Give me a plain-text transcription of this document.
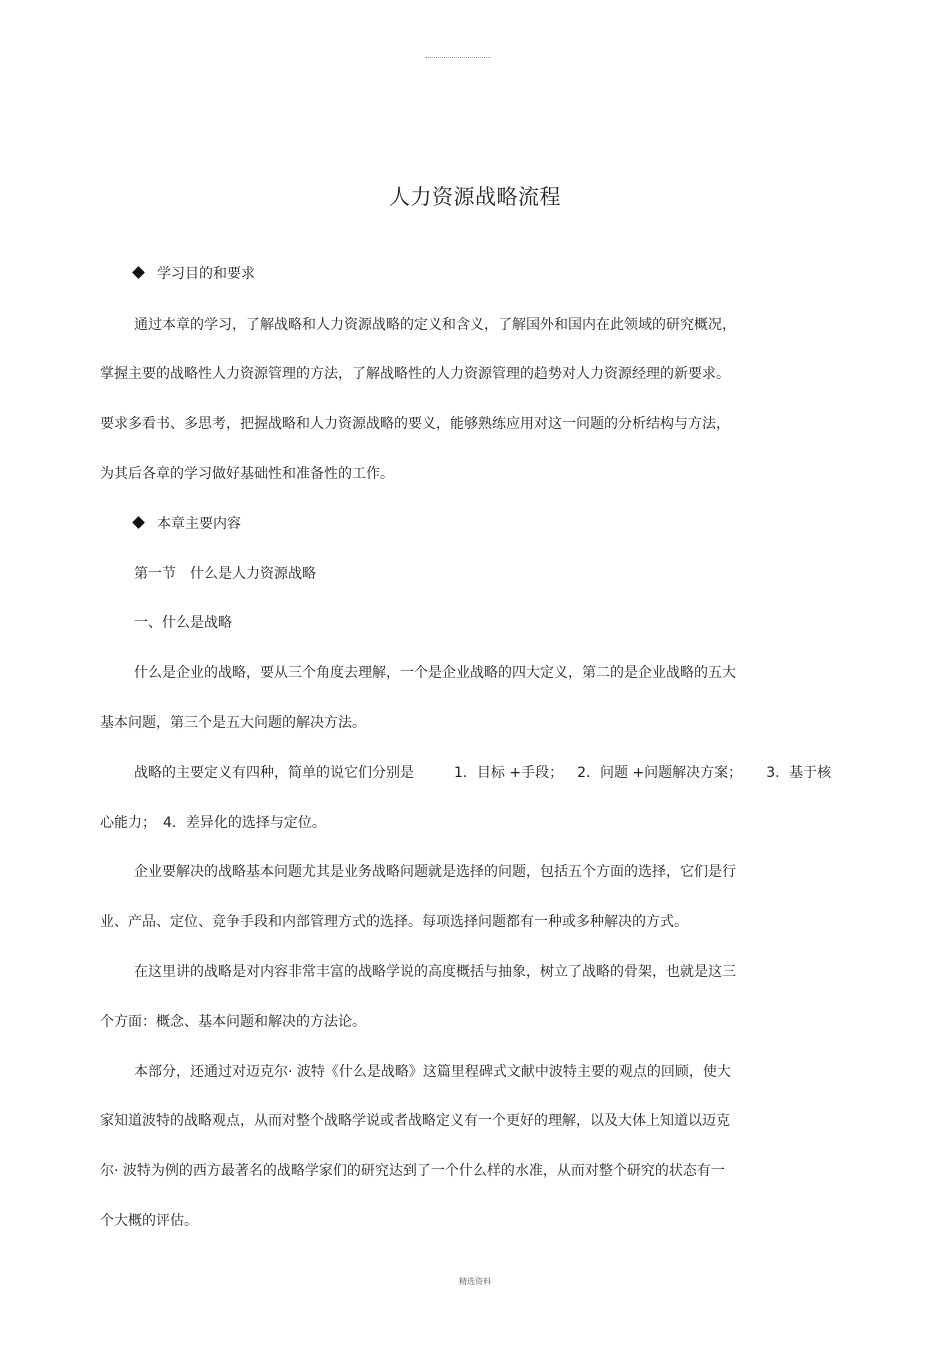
人力资源战略流程
学习目的和要求
通过本章的学习，了解战略和人力资源战略的定义和含义，了解国外和国内在此领域的研究概况，
掌握主要的战略性人力资源管理的方法，了解战略性的人力资源管理的趋势对人力资源经理的新要求。
要求多看书、多思考，把握战略和人力资源战略的要义，能够熟练应用对这一问题的分析结构与方法，
为其后各章的学习做好基础性和准备性的工作。
本章主要内容
第一节 什么是人力资源战略
一、什么是战略
什么是企业的战略，要从三个角度去理解，一个是企业战略的四大定义，第二的是企业战略的五大
基本问题，第三个是五大问题的解决方法。
战略的主要定义有四种，简单的说它们分别是	1．目标 +手段； 2．问题 +问题解决方案； 3．基于核
心能力；　4．差异化的选择与定位。
企业要解决的战略基本问题尤其是业务战略问题就是选择的问题，包括五个方面的选择，它们是行
业、产品、定位、竞争手段和内部管理方式的选择。每项选择问题都有一种或多种解决的方式。
在这里讲的战略是对内容非常丰富的战略学说的高度概括与抽象，树立了战略的骨架，也就是这三
个方面：概念、基本问题和解决的方法论。
本部分，还通过对迈克尔· 波特《什么是战略》这篇里程碑式文献中波特主要的观点的回顾，使大
家知道波特的战略观点，从而对整个战略学说或者战略定义有一个更好的理解，以及大体上知道以迈克
尔· 波特为例的西方最著名的战略学家们的研究达到了一个什么样的水准，从而对整个研究的状态有一
个大概的评估。
精选资料
